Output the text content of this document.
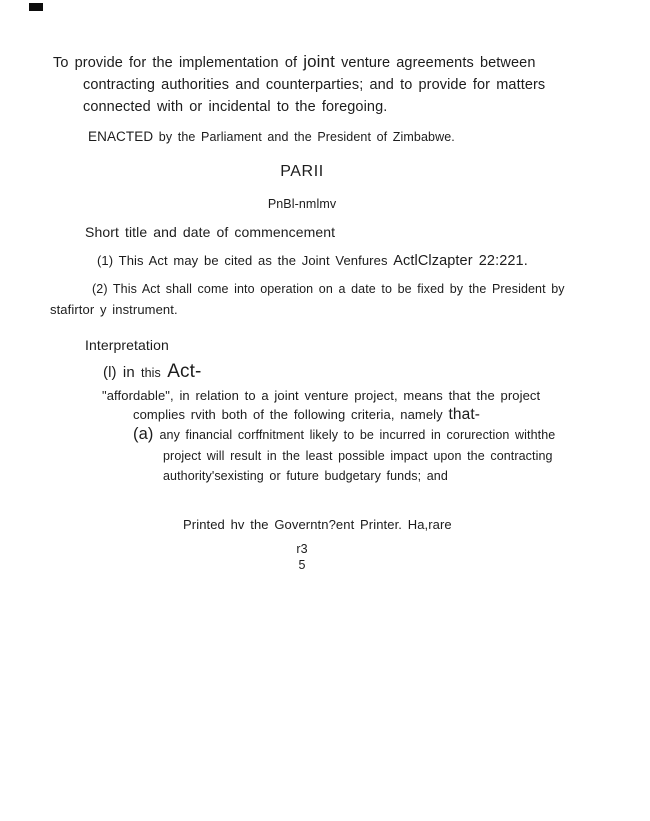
To provide for the implementation of joint venture agreements between
contracting authorities and counterparties; and to provide for matters
connected with or incidental to the foregoing.
ENACTED by the Parliament and the President of Zimbabwe.
PARII
PnBl-nmlmv
Short title and date of commencement
(1) This Act may be cited as the Joint Venfures ActlClzapter 22:221.
(2) This Act shall come into operation on a date to be fixed by the President by
stafirtor y instrument.
Interpretation
(l) in this Act-
"affordable", in relation to a joint venture project, means that the project
complies rvith both of the following criteria, namely that-
(a) any financial corffnitment likely to be incurred in corurection withthe
project will result in the least possible impact upon the contracting
authority'sexisting or future budgetary funds; and
Printed hv the Governtn?ent Printer. Ha,rare
r3
5
